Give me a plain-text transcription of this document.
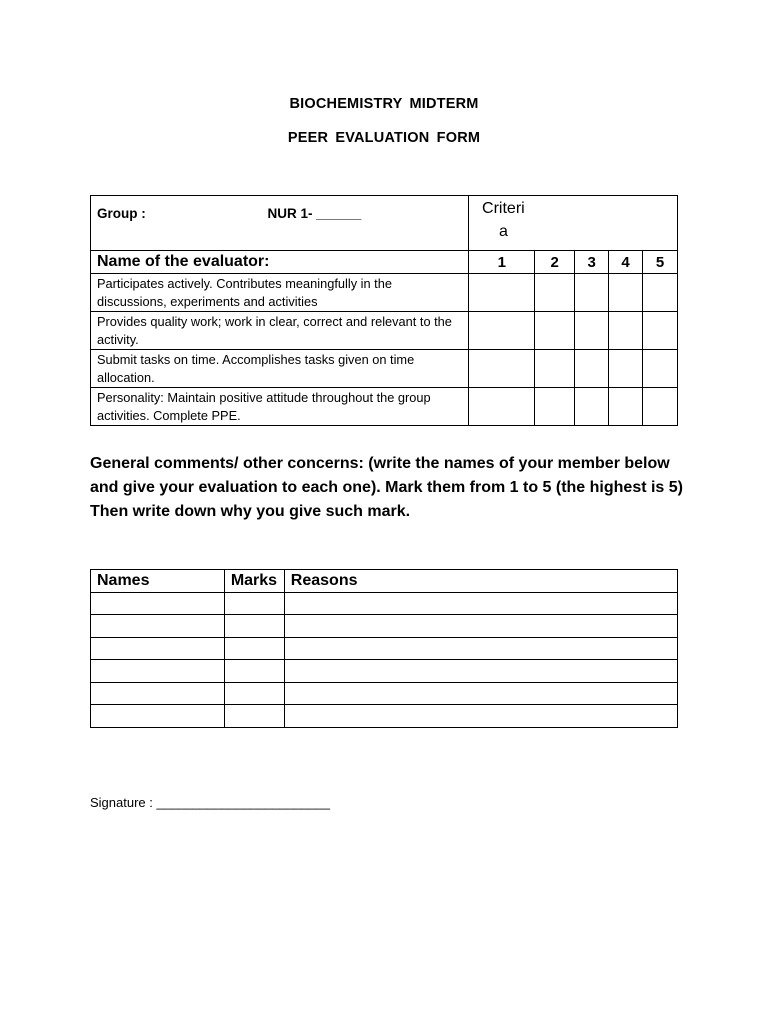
BIOCHEMISTRY MIDTERM
PEER EVALUATION FORM
Group : NUR 1- ______	Criteri a				

Name of the evaluator:	1	2	3	4	5
Participates actively. Contributes meaningfully in the discussions, experiments and activities					
Provides quality work; work in clear, correct and relevant to the activity.					
Submit tasks on time. Accomplishes tasks given on time allocation.					
Personality: Maintain positive attitude throughout the group activities. Complete PPE.					
General comments/ other concerns: (write the names of your member below and give your evaluation to each one). Mark them from 1 to 5 (the highest is 5) Then write down why you give such mark.
Names	Marks	Reasons

Signature : ________________________
